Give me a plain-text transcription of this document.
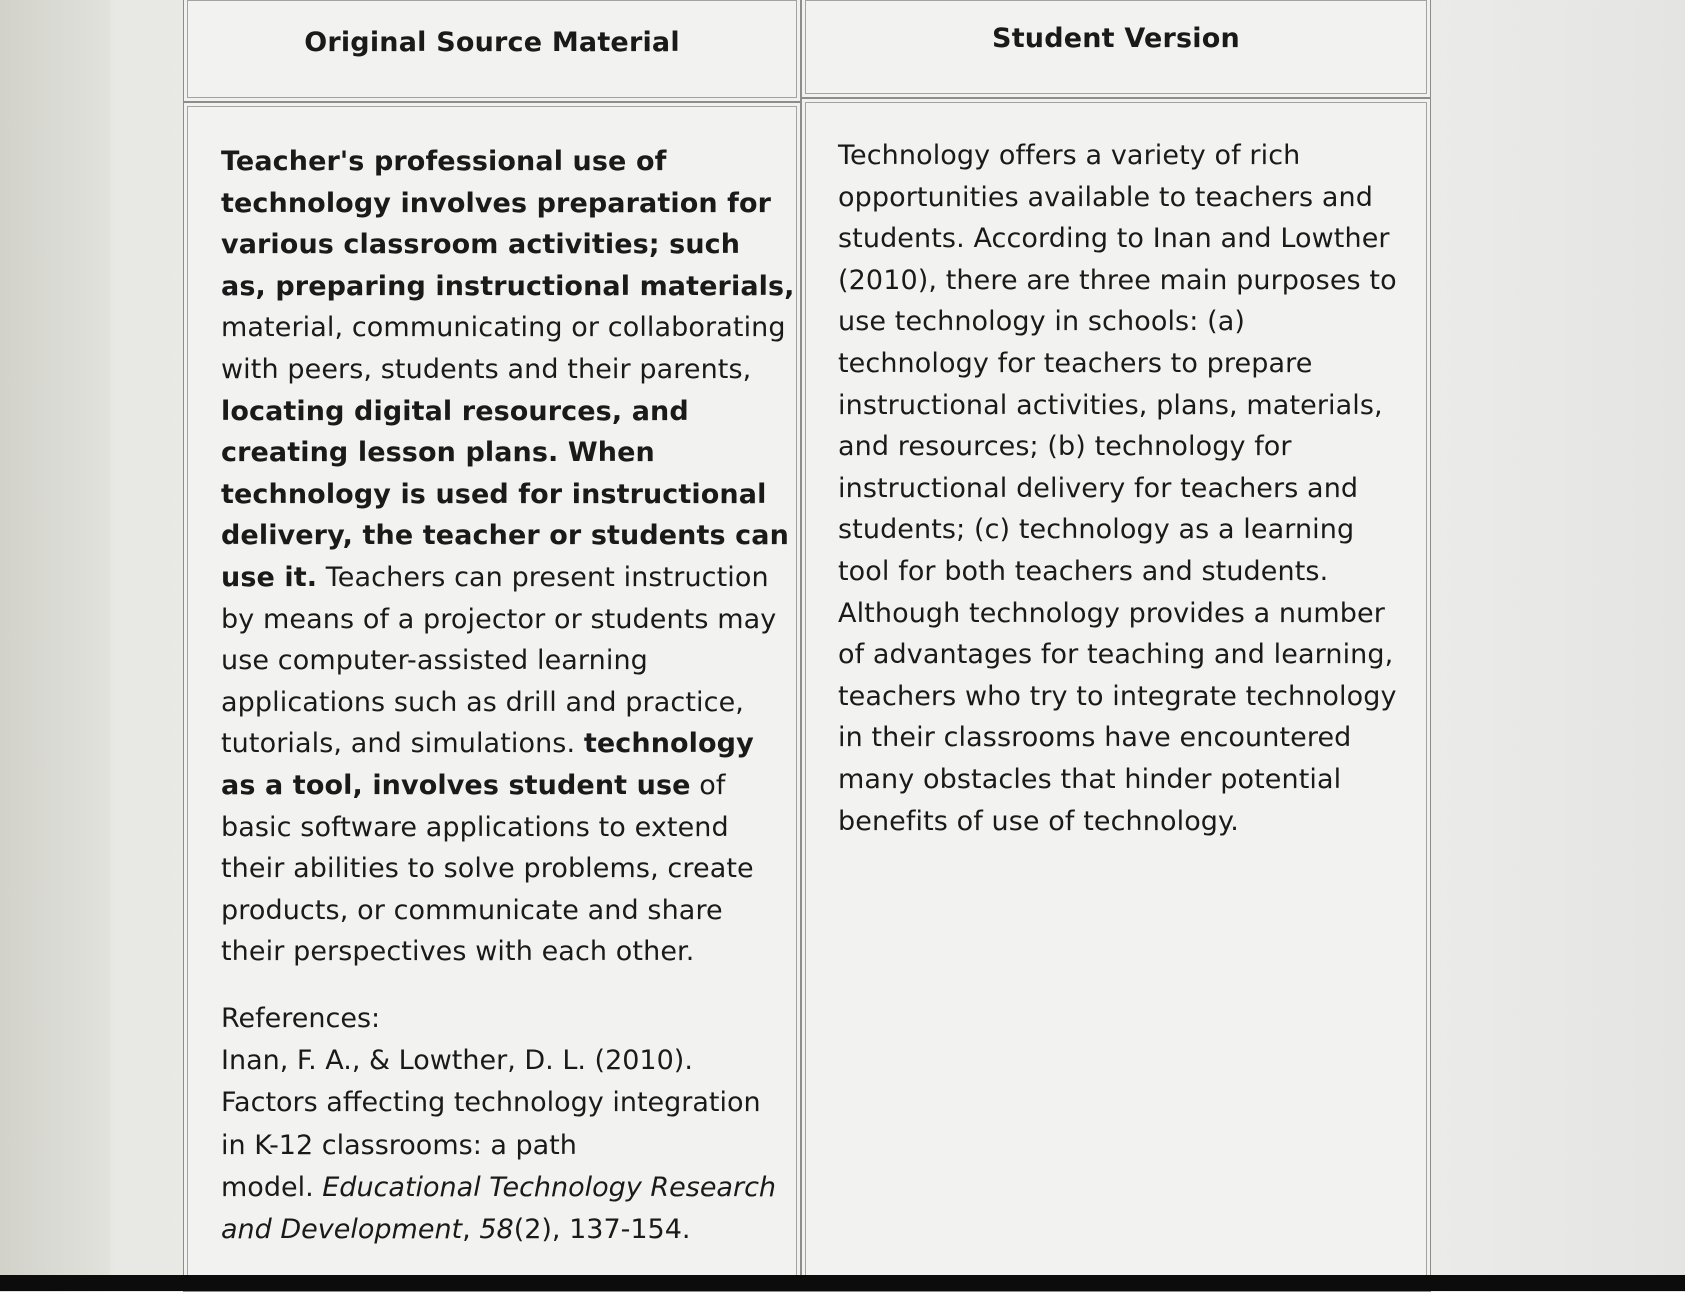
Original Source Material	Student Version
Teacher's professional use of
technology involves preparation for
various classroom activities; such
as, preparing instructional materials,
material, communicating or collaborating
with peers, students and their parents,
locating digital resources, and
creating lesson plans. When
technology is used for instructional
delivery, the teacher or students can
use it. Teachers can present instruction
by means of a projector or students may
use computer-assisted learning
applications such as drill and practice,
tutorials, and simulations. technology
as a tool, involves student use of
basic software applications to extend
their abilities to solve problems, create
products, or communicate and share
their perspectives with each other.
References:
Inan, F. A., & Lowther, D. L. (2010).
Factors affecting technology integration
in K-12 classrooms: a path
model. Educational Technology Research
and Development, 58(2), 137-154.
Technology offers a variety of rich
opportunities available to teachers and
students. According to Inan and Lowther
(2010), there are three main purposes to
use technology in schools: (a)
technology for teachers to prepare
instructional activities, plans, materials,
and resources; (b) technology for
instructional delivery for teachers and
students; (c) technology as a learning
tool for both teachers and students.
Although technology provides a number
of advantages for teaching and learning,
teachers who try to integrate technology
in their classrooms have encountered
many obstacles that hinder potential
benefits of use of technology.
